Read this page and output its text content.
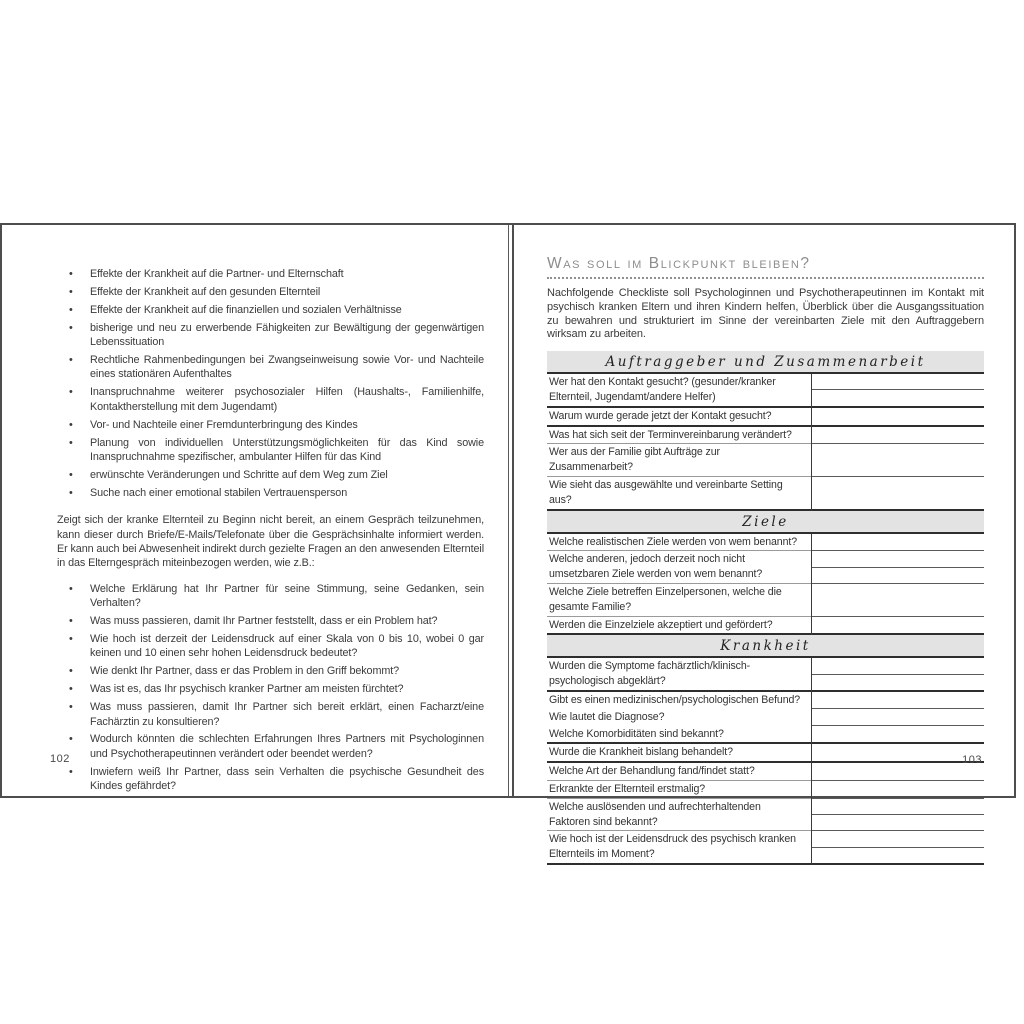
• Effekte der Krankheit auf die Partner- und Elternschaft
• Effekte der Krankheit auf den gesunden Elternteil
• Effekte der Krankheit auf die finanziellen und sozialen Verhältnisse
• bisherige und neu zu erwerbende Fähigkeiten zur Bewältigung der gegenwärtigen Lebenssituation
• Rechtliche Rahmenbedingungen bei Zwangseinweisung sowie Vor- und Nachteile eines stationären Aufenthaltes
• Inanspruchnahme weiterer psychosozialer Hilfen (Haushalts-, Familienhilfe, Kontaktherstellung mit dem Jugendamt)
• Vor- und Nachteile einer Fremdunterbringung des Kindes
• Planung von individuellen Unterstützungsmöglichkeiten für das Kind sowie Inanspruchnahme spezifischer, ambulanter Hilfen für das Kind
• erwünschte Veränderungen und Schritte auf dem Weg zum Ziel
• Suche nach einer emotional stabilen Vertrauensperson

Zeigt sich der kranke Elternteil zu Beginn nicht bereit, an einem Gespräch teilzunehmen, kann dieser durch Briefe/E-Mails/Telefonate über die Gesprächsinhalte informiert werden. Er kann auch bei Abwesenheit indirekt durch gezielte Fragen an den anwesenden Elternteil in das Elterngespräch miteinbezogen werden, wie z.B.:

• Welche Erklärung hat Ihr Partner für seine Stimmung, seine Gedanken, sein Verhalten?
• Was muss passieren, damit Ihr Partner feststellt, dass er ein Problem hat?
• Wie hoch ist derzeit der Leidensdruck auf einer Skala von 0 bis 10, wobei 0 gar keinen und 10 einen sehr hohen Leidensdruck bedeutet?
• Wie denkt Ihr Partner, dass er das Problem in den Griff bekommt?
• Was ist es, das Ihr psychisch kranker Partner am meisten fürchtet?
• Was muss passieren, damit Ihr Partner sich bereit erklärt, einen Facharzt/eine Fachärztin zu konsultieren?
• Wodurch könnten die schlechten Erfahrungen Ihres Partners mit Psychologinnen und Psychotherapeutinnen verändert oder beendet werden?
• Inwiefern weiß Ihr Partner, dass sein Verhalten die psychische Gesundheit des Kindes gefährdet?
102
Was soll im Blickpunkt bleiben?

Nachfolgende Checkliste soll Psychologinnen und Psychotherapeutinnen im Kontakt mit psychisch kranken Eltern und ihren Kindern helfen, Überblick über die Ausgangssituation zu bewahren und strukturiert im Sinne der vereinbarten Ziele mit den Auftraggebern wirksam zu arbeiten.

Auftraggeber und Zusammenarbeit
Wer hat den Kontakt gesucht? (gesunder/kranker Elternteil, Jugendamt/andere Helfer)
Warum wurde gerade jetzt der Kontakt gesucht?
Was hat sich seit der Terminvereinbarung verändert?
Wer aus der Familie gibt Aufträge zur Zusammenarbeit?
Wie sieht das ausgewählte und vereinbarte Setting aus?
Ziele
Welche realistischen Ziele werden von wem benannt?
Welche anderen, jedoch derzeit noch nicht umsetzbaren Ziele werden von wem benannt?
Welche Ziele betreffen Einzelpersonen, welche die gesamte Familie?
Werden die Einzelziele akzeptiert und gefördert?
Krankheit
Wurden die Symptome fachärztlich/klinisch-psychologisch abgeklärt?
Gibt es einen medizinischen/psychologischen Befund?
Wie lautet die Diagnose?
Welche Komorbiditäten sind bekannt?
Wurde die Krankheit bislang behandelt?
Welche Art der Behandlung fand/findet statt?
Erkrankte der Elternteil erstmalig?
Welche auslösenden und aufrechterhaltenden Faktoren sind bekannt?
Wie hoch ist der Leidensdruck des psychisch kranken Elternteils im Moment?
103
